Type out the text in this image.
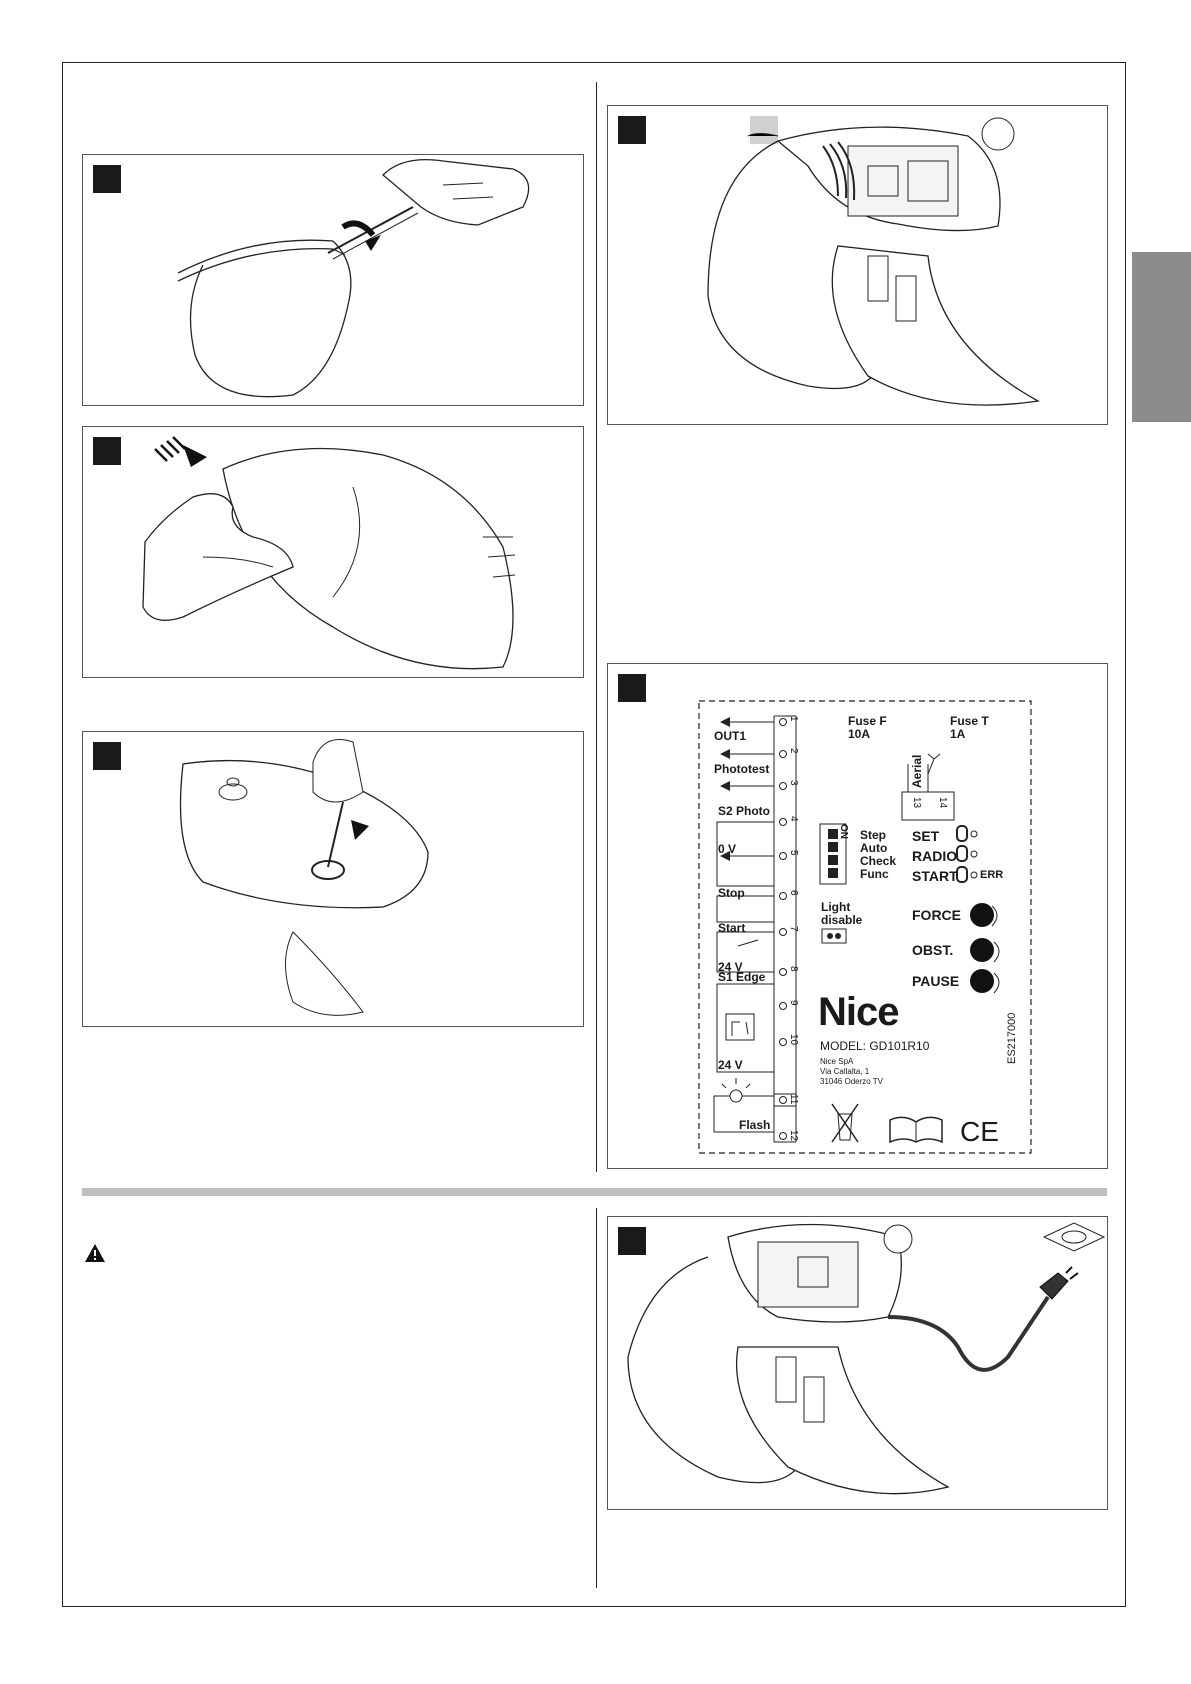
OUT1
Phototest
S2 Photo
0 V
Stop
Start
24 V
S1 Edge
24 V
Flash
1
2
3
4
5
6
7
8
9
10
11
12
Fuse F
10A
Fuse T
1A
Aerial
13 14
ON Step
Auto
Check
Func
SET
RADIO
START ERR
Light
disable	FORCE
OBST.
PAUSE
Nice
MODEL: GD101R10
Nice SpA
Via Callalta, 1
31046 Oderzo TV
ES217000
CE
